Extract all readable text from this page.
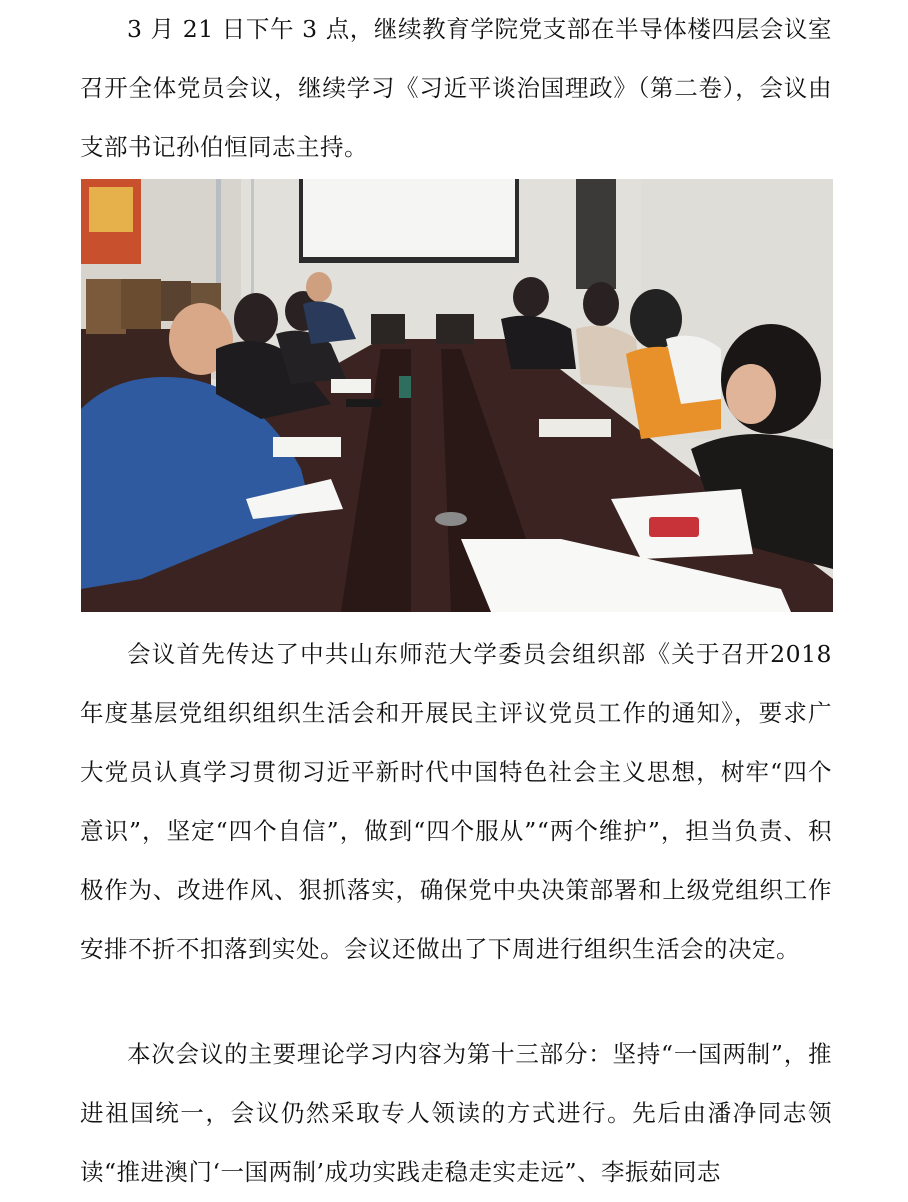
3 月 21 日下午 3 点，继续教育学院党支部在半导体楼四层会议室召开全体党员会议，继续学习《习近平谈治国理政》（第二卷），会议由支部书记孙伯恒同志主持。

会议首先传达了中共山东师范大学委员会组织部《关于召开2018年度基层党组织组织生活会和开展民主评议党员工作的通知》，要求广大党员认真学习贯彻习近平新时代中国特色社会主义思想，树牢“四个意识”，坚定“四个自信”，做到“四个服从”“两个维护”，担当负责、积极作为、改进作风、狠抓落实，确保党中央决策部署和上级党组织工作安排不折不扣落到实处。会议还做出了下周进行组织生活会的决定。

本次会议的主要理论学习内容为第十三部分：坚持“一国两制”，推进祖国统一，会议仍然采取专人领读的方式进行。先后由潘净同志领读“推进澳门‘一国两制’成功实践走稳走实走远”、李振茹同志
